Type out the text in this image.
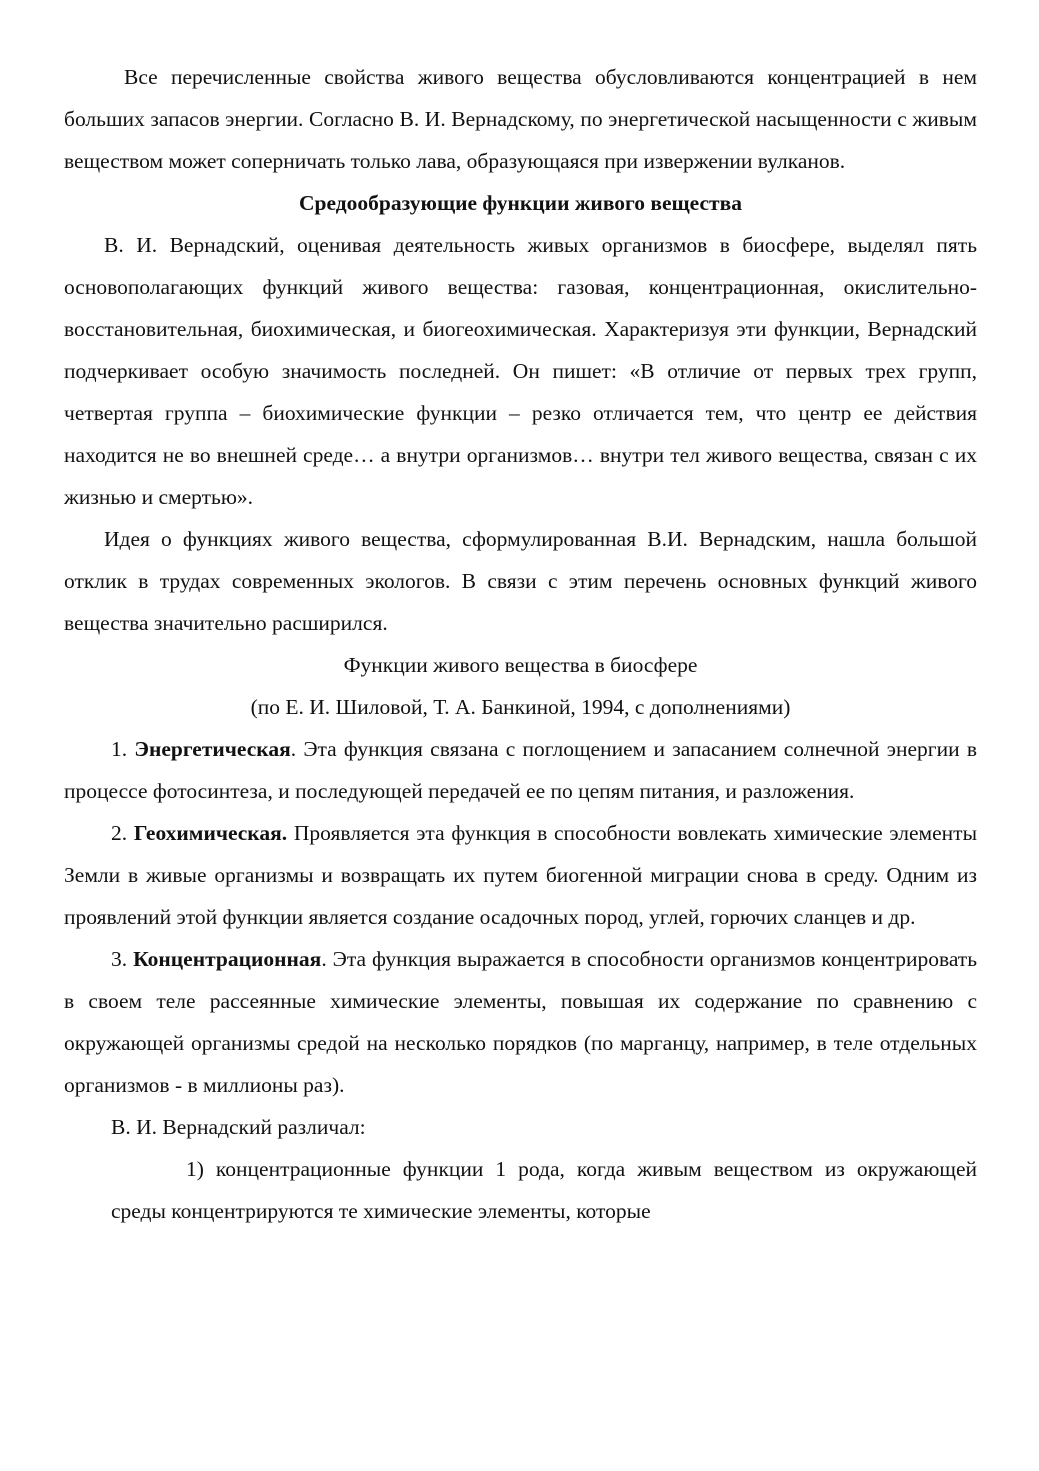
Все перечисленные свойства живого вещества обусловливаются концентрацией в нем больших запасов энергии. Согласно В. И. Вернадскому, по энергетической насыщенности с живым веществом может соперничать только лава, образующаяся при извержении вулканов.

Средообразующие функции живого вещества

В. И. Вернадский, оценивая деятельность живых организмов в биосфере, выделял пять основополагающих функций живого вещества: газовая, концентрационная, окислительно-восстановительная, биохимическая, и биогеохимическая. Характеризуя эти функции, Вернадский подчеркивает особую значимость последней. Он пишет: «В отличие от первых трех групп, четвертая группа – биохимические функции – резко отличается тем, что центр ее действия находится не во внешней среде… а внутри организмов… внутри тел живого вещества, связан с их жизнью и смертью».

Идея о функциях живого вещества, сформулированная В.И. Вернадским, нашла большой отклик в трудах современных экологов. В связи с этим перечень основных функций живого вещества значительно расширился.

Функции живого вещества в биосфере

(по Е. И. Шиловой, Т. А. Банкиной, 1994, с дополнениями)

1. Энергетическая. Эта функция связана с поглощением и запасанием солнечной энергии в процессе фотосинтеза, и последующей передачей ее по цепям питания, и разложения.

2. Геохимическая. Проявляется эта функция в способности вовлекать химические элементы Земли в живые организмы и возвращать их путем биогенной миграции снова в среду. Одним из проявлений этой функции является создание осадочных пород, углей, горючих сланцев и др.

3. Концентрационная. Эта функция выражается в способности организмов концентрировать в своем теле рассеянные химические элементы, повышая их содержание по сравнению с окружающей организмы средой на несколько порядков (по марганцу, например, в теле отдельных организмов - в миллионы раз).

В. И. Вернадский различал:

1) концентрационные функции 1 рода, когда живым веществом из окружающей среды концентрируются те химические элементы, которые
